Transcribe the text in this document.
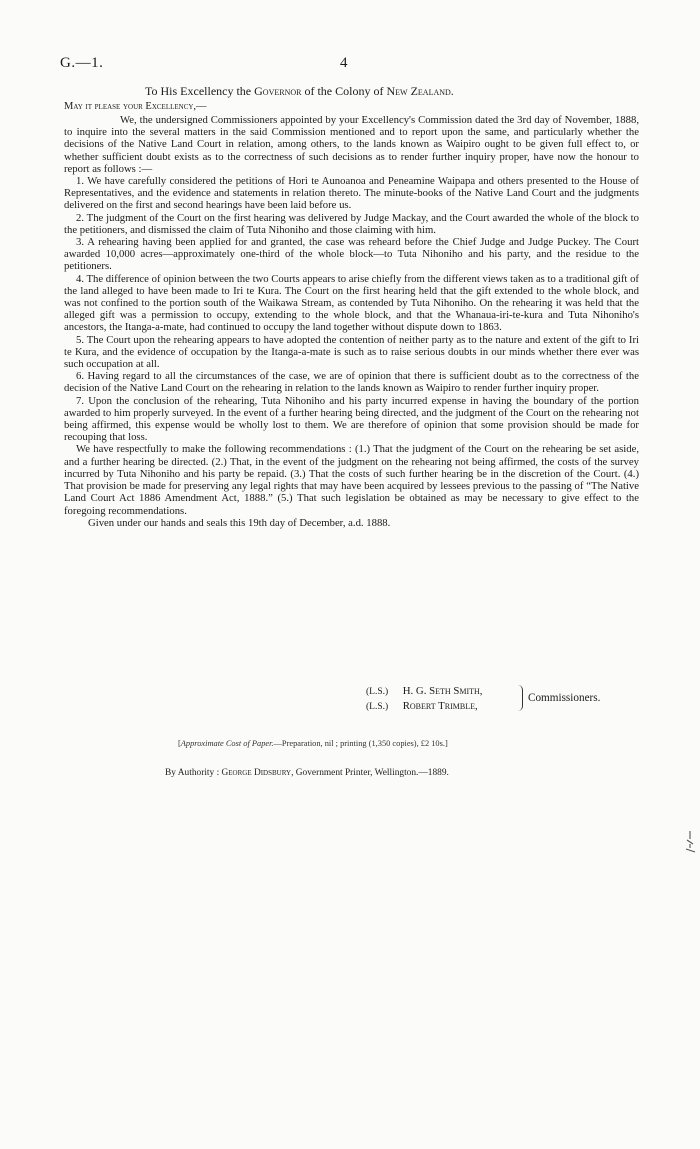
G.—1.	4
To His Excellency the Governor of the Colony of New Zealand.
May it please your Excellency,—

We, the undersigned Commissioners appointed by your Excellency's Commission dated the 3rd day of November, 1888, to inquire into the several matters in the said Commission mentioned and to report upon the same, and particularly whether the decisions of the Native Land Court in relation, among others, to the lands known as Waipiro ought to be given full effect to, or whether sufficient doubt exists as to the correctness of such decisions as to render further inquiry proper, have now the honour to report as follows :—

1. We have carefully considered the petitions of Hori te Aunoanoa and Peneamine Waipapa and others presented to the House of Representatives, and the evidence and statements in relation thereto. The minute-books of the Native Land Court and the judgments delivered on the first and second hearings have been laid before us.

2. The judgment of the Court on the first hearing was delivered by Judge Mackay, and the Court awarded the whole of the block to the petitioners, and dismissed the claim of Tuta Nihoniho and those claiming with him.

3. A rehearing having been applied for and granted, the case was reheard before the Chief Judge and Judge Puckey. The Court awarded 10,000 acres—approximately one-third of the whole block—to Tuta Nihoniho and his party, and the residue to the petitioners.

4. The difference of opinion between the two Courts appears to arise chiefly from the different views taken as to a traditional gift of the land alleged to have been made to Iri te Kura. The Court on the first hearing held that the gift extended to the whole block, and was not confined to the portion south of the Waikawa Stream, as contended by Tuta Nihoniho. On the rehearing it was held that the alleged gift was a permission to occupy, extending to the whole block, and that the Whanaua-iri-te-kura and Tuta Nihoniho's ancestors, the Itanga-a-mate, had continued to occupy the land together without dispute down to 1863.

5. The Court upon the rehearing appears to have adopted the contention of neither party as to the nature and extent of the gift to Iri te Kura, and the evidence of occupation by the Itanga-a-mate is such as to raise serious doubts in our minds whether there ever was such occupation at all.

6. Having regard to all the circumstances of the case, we are of opinion that there is sufficient doubt as to the correctness of the decision of the Native Land Court on the rehearing in relation to the lands known as Waipiro to render further inquiry proper.

7. Upon the conclusion of the rehearing, Tuta Nihoniho and his party incurred expense in having the boundary of the portion awarded to him properly surveyed. In the event of a further hearing being directed, and the judgment of the Court on the rehearing not being affirmed, this expense would be wholly lost to them. We are therefore of opinion that some provision should be made for recouping that loss.

We have respectfully to make the following recommendations : (1.) That the judgment of the Court on the rehearing be set aside, and a further hearing be directed. (2.) That, in the event of the judgment on the rehearing not being affirmed, the costs of the survey incurred by Tuta Nihoniho and his party be repaid. (3.) That the costs of such further hearing be in the discretion of the Court. (4.) That provision be made for preserving any legal rights that may have been acquired by lessees previous to the passing of “The Native Land Court Act 1886 Amendment Act, 1888.” (5.) That such legislation be obtained as may be necessary to give effect to the foregoing recommendations.

Given under our hands and seals this 19th day of December, a.d. 1888.

(L.S.) H. G. Seth Smith,
(L.S.) Robert Trimble,
Commissioners.
[Approximate Cost of Paper.—Preparation, nil ; printing (1,350 copies), £2 10s.]
By Authority : George Didsbury, Government Printer, Wellington.—1889.
